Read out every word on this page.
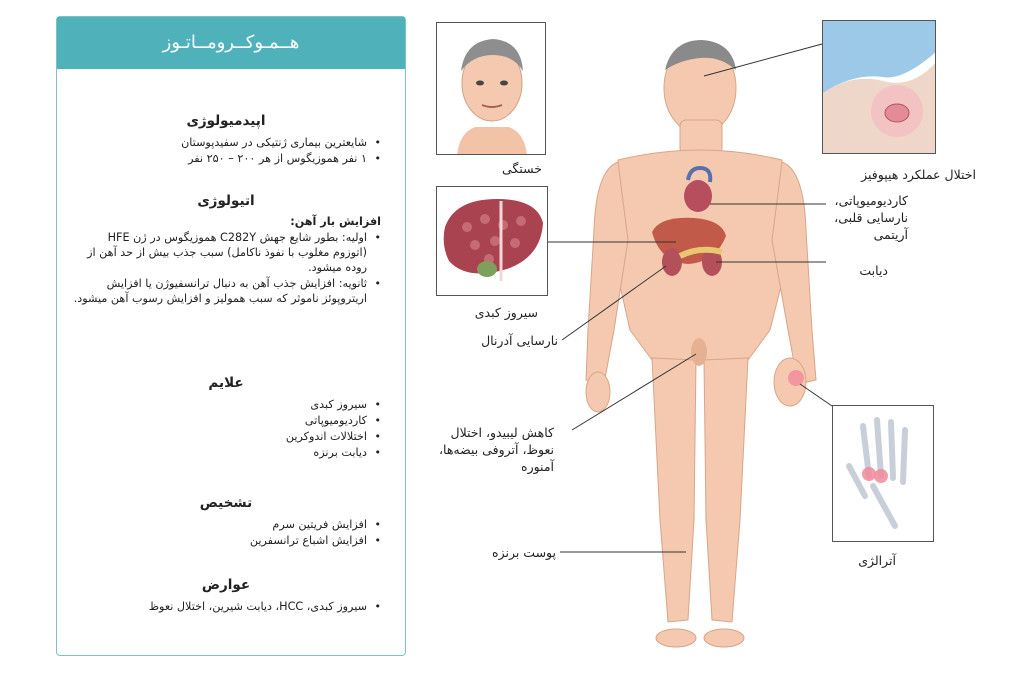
هــمـوکــرومــاتـوز
اپیدمیولوژی
• شایعترین بیماری ژنتیکی در سفیدپوستان
• ۱ نفر هموزیگوس از هر ۲۰۰ – ۲۵۰ نفر
اتیولوژی
افزایش بار آهن:
• اولیه: بطور شایع جهش C282Y هموزیگوس در ژن HFE (اتوزوم مغلوب با نفوذ ناکامل) سبب جذب بیش از حد آهن از روده میشود.
• ثانویه: افزایش جذب آهن به دنبال ترانسفیوژن یا افزایش اریتروپوئز ناموثر که سبب همولیز و افزایش رسوب آهن میشود.
علایم
• سیروز کبدی
• کاردیومیوپاتی
• اختلالات اندوکرین
• دیابت برنزه
تشخیص
• افزایش فریتین سرم
• افزایش اشباع ترانسفرین
عوارض
• سیروز کبدی، HCC، دیابت شیرین، اختلال نعوظ
خستگی	اختلال عملکرد هیپوفیز
کاردیومیوپاتی، نارسایی قلبی، آریتمی
دیابت
سیروز کبدی
نارسایی آدرنال
کاهش لیبیدو، اختلال نعوظ، آتروفی بیضه‌ها، آمنوره
پوست برنزه
آترالژی
